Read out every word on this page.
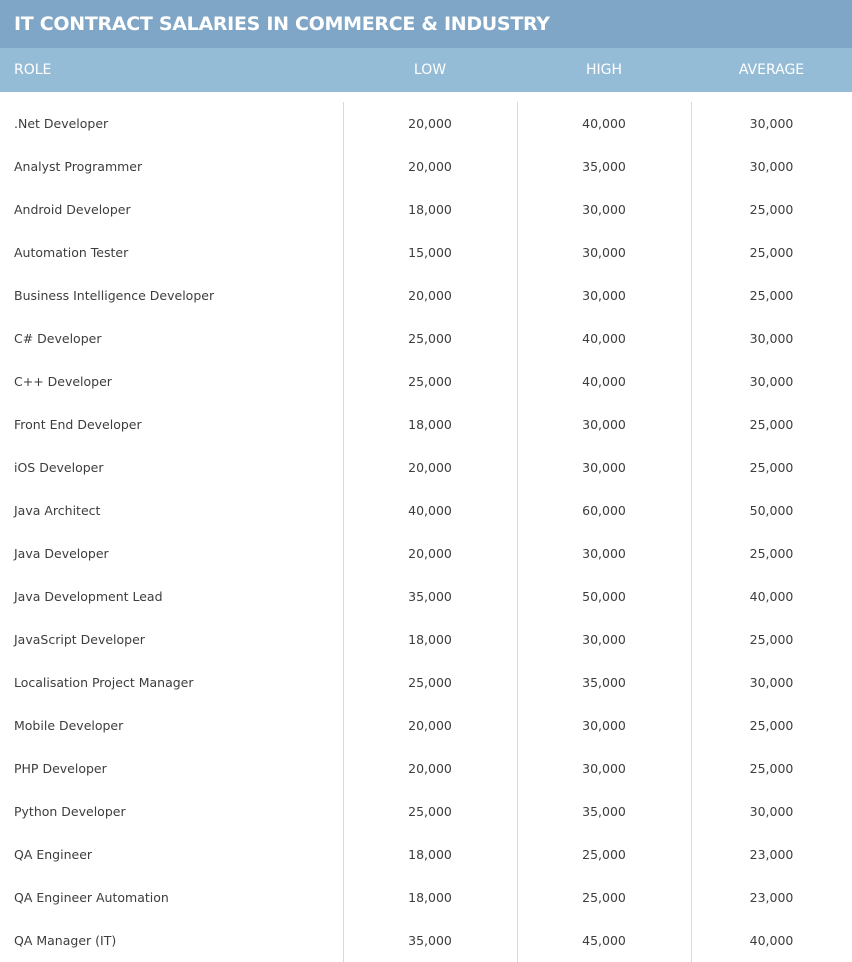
IT CONTRACT SALARIES IN COMMERCE & INDUSTRY
ROLE	LOW	HIGH	AVERAGE
.Net Developer	20,000	40,000	30,000
Analyst Programmer	20,000	35,000	30,000
Android Developer	18,000	30,000	25,000
Automation Tester	15,000	30,000	25,000
Business Intelligence Developer	20,000	30,000	25,000
C# Developer	25,000	40,000	30,000
C++ Developer	25,000	40,000	30,000
Front End Developer	18,000	30,000	25,000
iOS Developer	20,000	30,000	25,000
Java Architect	40,000	60,000	50,000
Java Developer	20,000	30,000	25,000
Java Development Lead	35,000	50,000	40,000
JavaScript Developer	18,000	30,000	25,000
Localisation Project Manager	25,000	35,000	30,000
Mobile Developer	20,000	30,000	25,000
PHP Developer	20,000	30,000	25,000
Python Developer	25,000	35,000	30,000
QA Engineer	18,000	25,000	23,000
QA Engineer Automation	18,000	25,000	23,000
QA Manager (IT)	35,000	45,000	40,000
